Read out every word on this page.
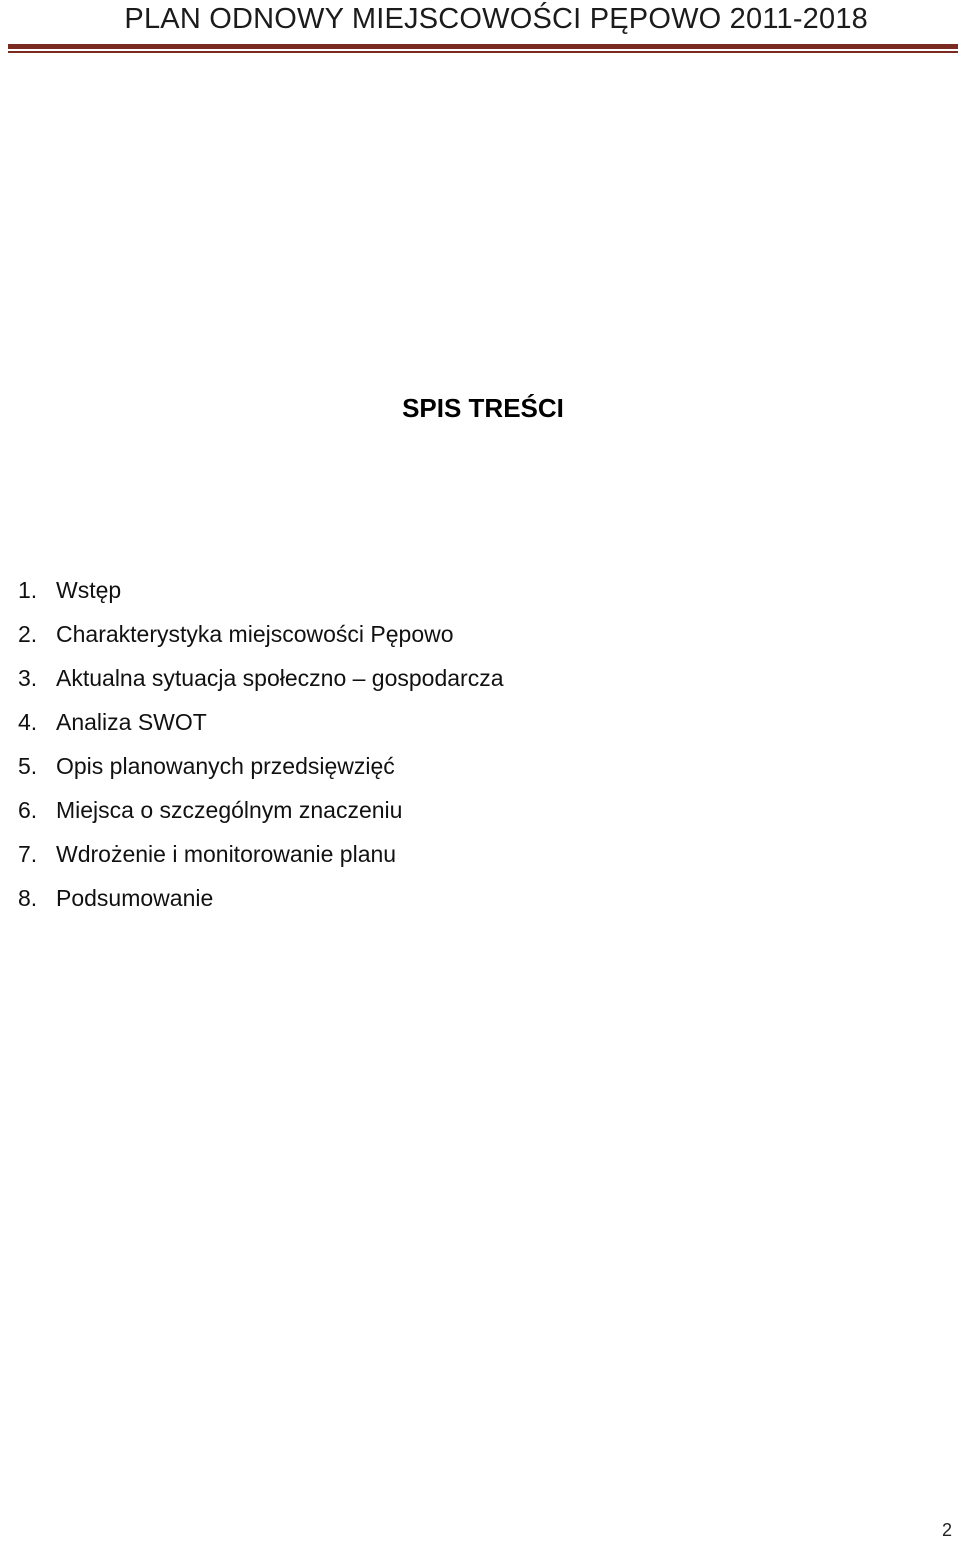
PLAN ODNOWY MIEJSCOWOŚCI PĘPOWO 2011-2018
SPIS TREŚCI
1. Wstęp
2. Charakterystyka miejscowości Pępowo
3. Aktualna sytuacja społeczno – gospodarcza
4. Analiza SWOT
5. Opis planowanych przedsięwzięć
6. Miejsca o szczególnym znaczeniu
7. Wdrożenie i monitorowanie planu
8. Podsumowanie
2
